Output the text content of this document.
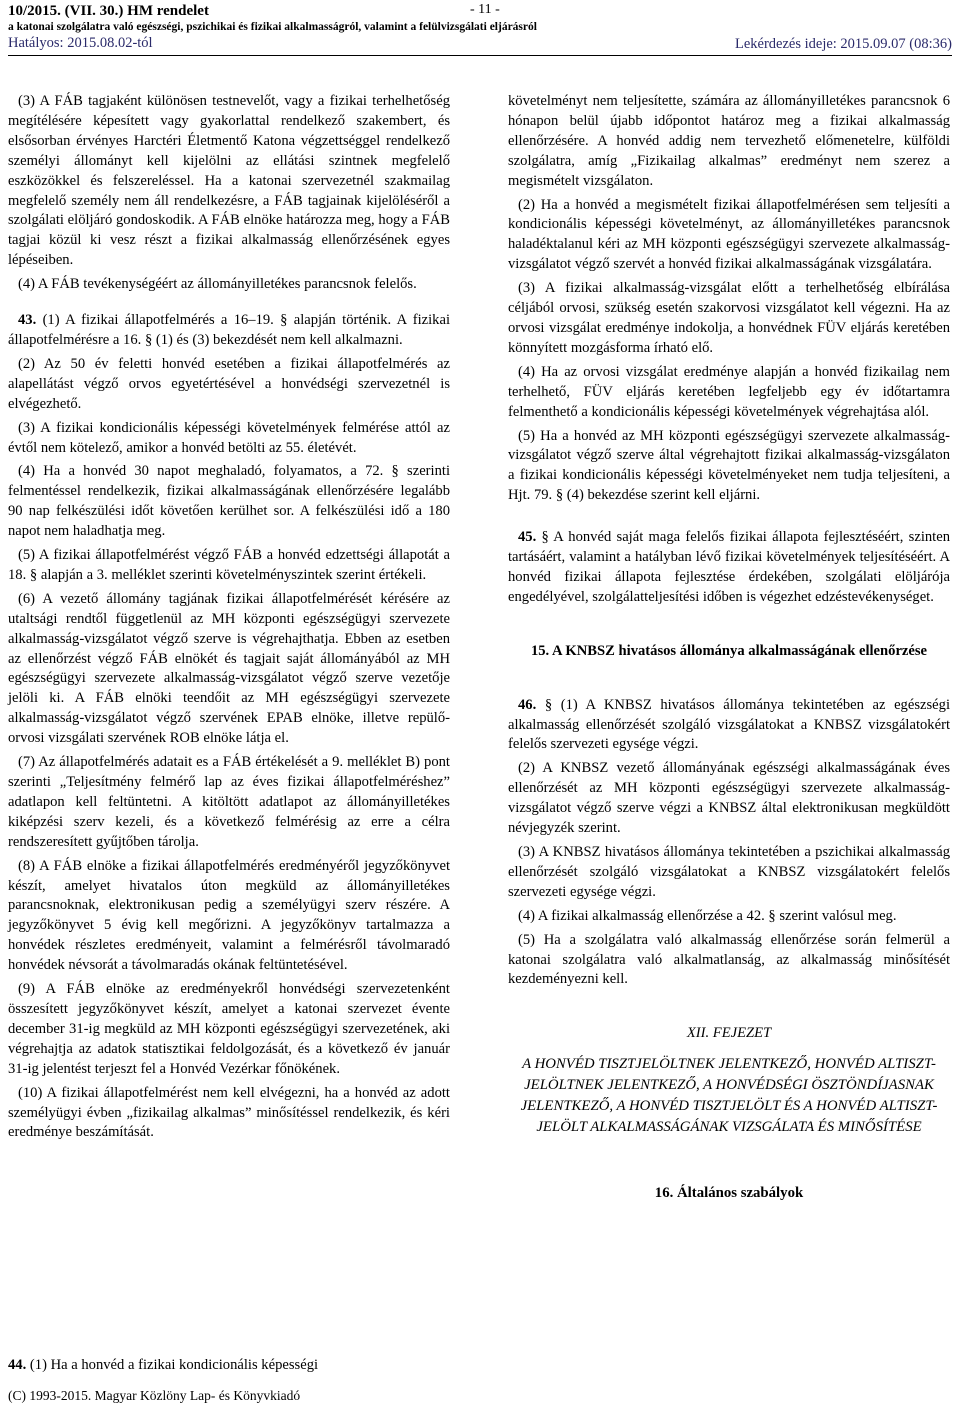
10/2015. (VII. 30.) HM rendelet
a katonai szolgálatra való egészségi, pszichikai és fizikai alkalmasságról, valamint a felülvizsgálati eljárásról
Hatályos: 2015.08.02-tól
- 11 -
Lekérdezés ideje: 2015.09.07 (08:36)

(3) A FÁB tagjaként különösen testnevelőt, vagy a fizikai terhelhetőség megítélésére képesített vagy gyakorlattal rendelkező szakembert, és elsősorban érvényes Harctéri Életmentő Katona végzettséggel rendelkező személyi állományt kell kijelölni az ellátási szintnek megfelelő eszközökkel és felszereléssel. Ha a katonai szervezetnél szakmailag megfelelő személy nem áll rendelkezésre, a FÁB tagjainak kijelöléséről a szolgálati elöljáró gondoskodik. A FÁB elnöke határozza meg, hogy a FÁB tagjai közül ki vesz részt a fizikai alkalmasság ellenőrzésének egyes lépéseiben.

(4) A FÁB tevékenységéért az állományilletékes parancsnok felelős.

43. (1) A fizikai állapotfelmérés a 16–19. § alapján történik. A fizikai állapotfelmérésre a 16. § (1) és (3) bekezdését nem kell alkalmazni.

(2) Az 50 év feletti honvéd esetében a fizikai állapotfelmérés az alapellátást végző orvos egyetértésével a honvédségi szervezetnél is elvégezhető.

(3) A fizikai kondicionális képességi követelmények felmérése attól az évtől nem kötelező, amikor a honvéd betölti az 55. életévét.

(4) Ha a honvéd 30 napot meghaladó, folyamatos, a 72. § szerinti felmentéssel rendelkezik, fizikai alkalmasságának ellenőrzésére legalább 90 nap felkészülési időt követően kerülhet sor. A felkészülési idő a 180 napot nem haladhatja meg.

(5) A fizikai állapotfelmérést végző FÁB a honvéd edzettségi állapotát a 18. § alapján a 3. melléklet szerinti követelményszintek szerint értékeli.

(6) A vezető állomány tagjának fizikai állapotfelmérését kérésére az utaltsági rendtől függetlenül az MH központi egészségügyi szervezete alkalmasság-vizsgálatot végző szerve is végrehajthatja. Ebben az esetben az ellenőrzést végző FÁB elnökét és tagjait saját állományából az MH egészségügyi szervezete alkalmasság-vizsgálatot végző szerve vezetője jelöli ki. A FÁB elnöki teendőit az MH egészségügyi szervezete alkalmasság-vizsgálatot végző szervének EPAB elnöke, illetve repülő-orvosi vizsgálati szervének ROB elnöke látja el.

(7) Az állapotfelmérés adatait es a FÁB értékelését a 9. melléklet B) pont szerinti „Teljesítmény felmérő lap az éves fizikai állapotfelméréshez” adatlapon kell feltüntetni. A kitöltött adatlapot az állományilletékes kiképzési szerv kezeli, és a következő felmérésig az erre a célra rendszeresített gyűjtőben tárolja.

(8) A FÁB elnöke a fizikai állapotfelmérés eredményéről jegyzőkönyvet készít, amelyet hivatalos úton megküld az állományilletékes parancsnoknak, elektronikusan pedig a személyügyi szerv részére. A jegyzőkönyvet 5 évig kell megőrizni. A jegyzőkönyv tartalmazza a honvédek részletes eredményeit, valamint a felmérésről távolmaradó honvédek névsorát a távolmaradás okának feltüntetésével.

(9) A FÁB elnöke az eredményekről honvédségi szervezetenként összesített jegyzőkönyvet készít, amelyet a katonai szervezet évente december 31-ig megküld az MH központi egészségügyi szervezetének, aki végrehajtja az adatok statisztikai feldolgozását, és a következő év január 31-ig jelentést terjeszt fel a Honvéd Vezérkar főnökének.

(10) A fizikai állapotfelmérést nem kell elvégezni, ha a honvéd az adott személyügyi évben „fizikailag alkalmas” minősítéssel rendelkezik, és kéri eredménye beszámítását.

44. (1) Ha a honvéd a fizikai kondicionális képességi

követelményt nem teljesítette, számára az állományilletékes parancsnok 6 hónapon belül újabb időpontot határoz meg a fizikai alkalmasság ellenőrzésére. A honvéd addig nem tervezhető előmenetelre, külföldi szolgálatra, amíg „Fizikailag alkalmas” eredményt nem szerez a megismételt vizsgálaton.

(2) Ha a honvéd a megismételt fizikai állapotfelmérésen sem teljesíti a kondicionális képességi követelményt, az állományilletékes parancsnok haladéktalanul kéri az MH központi egészségügyi szervezete alkalmasság-vizsgálatot végző szervét a honvéd fizikai alkalmasságának vizsgálatára.

(3) A fizikai alkalmasság-vizsgálat előtt a terhelhetőség elbírálása céljából orvosi, szükség esetén szakorvosi vizsgálatot kell végezni. Ha az orvosi vizsgálat eredménye indokolja, a honvédnek FÜV eljárás keretében könnyített mozgásforma írható elő.

(4) Ha az orvosi vizsgálat eredménye alapján a honvéd fizikailag nem terhelhető, FÜV eljárás keretében legfeljebb egy év időtartamra felmenthető a kondicionális képességi követelmények végrehajtása alól.

(5) Ha a honvéd az MH központi egészségügyi szervezete alkalmasság-vizsgálatot végző szerve által végrehajtott fizikai alkalmasság-vizsgálaton a fizikai kondicionális képességi követelményeket nem tudja teljesíteni, a Hjt. 79. § (4) bekezdése szerint kell eljárni.

45. § A honvéd saját maga felelős fizikai állapota fejlesztéséért, szinten tartásáért, valamint a hatályban lévő fizikai követelmények teljesítéséért. A honvéd fizikai állapota fejlesztése érdekében, szolgálati elöljárója engedélyével, szolgálatteljesítési időben is végezhet edzéstevékenységet.

15. A KNBSZ hivatásos állománya alkalmasságának ellenőrzése

46. § (1) A KNBSZ hivatásos állománya tekintetében az egészségi alkalmasság ellenőrzését szolgáló vizsgálatokat a KNBSZ vizsgálatokért felelős szervezeti egysége végzi.

(2) A KNBSZ vezető állományának egészségi alkalmasságának éves ellenőrzését az MH központi egészségügyi szervezete alkalmasság-vizsgálatot végző szerve végzi a KNBSZ által elektronikusan megküldött névjegyzék szerint.

(3) A KNBSZ hivatásos állománya tekintetében a pszichikai alkalmasság ellenőrzését szolgáló vizsgálatokat a KNBSZ vizsgálatokért felelős szervezeti egysége végzi.

(4) A fizikai alkalmasság ellenőrzése a 42. § szerint valósul meg.

(5) Ha a szolgálatra való alkalmasság ellenőrzése során felmerül a katonai szolgálatra való alkalmatlanság, az alkalmasság minősítését kezdeményezni kell.

XII. FEJEZET
A HONVÉD TISZTJELÖLTNEK JELENTKEZŐ, HONVÉD ALTISZT-JELÖLTNEK JELENTKEZŐ, A HONVÉDSÉGI ÖSZTÖNDÍJASNAK JELENTKEZŐ, A HONVÉD TISZTJELÖLT ÉS A HONVÉD ALTISZT-JELÖLT ALKALMASSÁGÁNAK VIZSGÁLATA ÉS MINŐSÍTÉSE
16. Általános szabályok
(C) 1993-2015. Magyar Közlöny Lap- és Könyvkiadó
